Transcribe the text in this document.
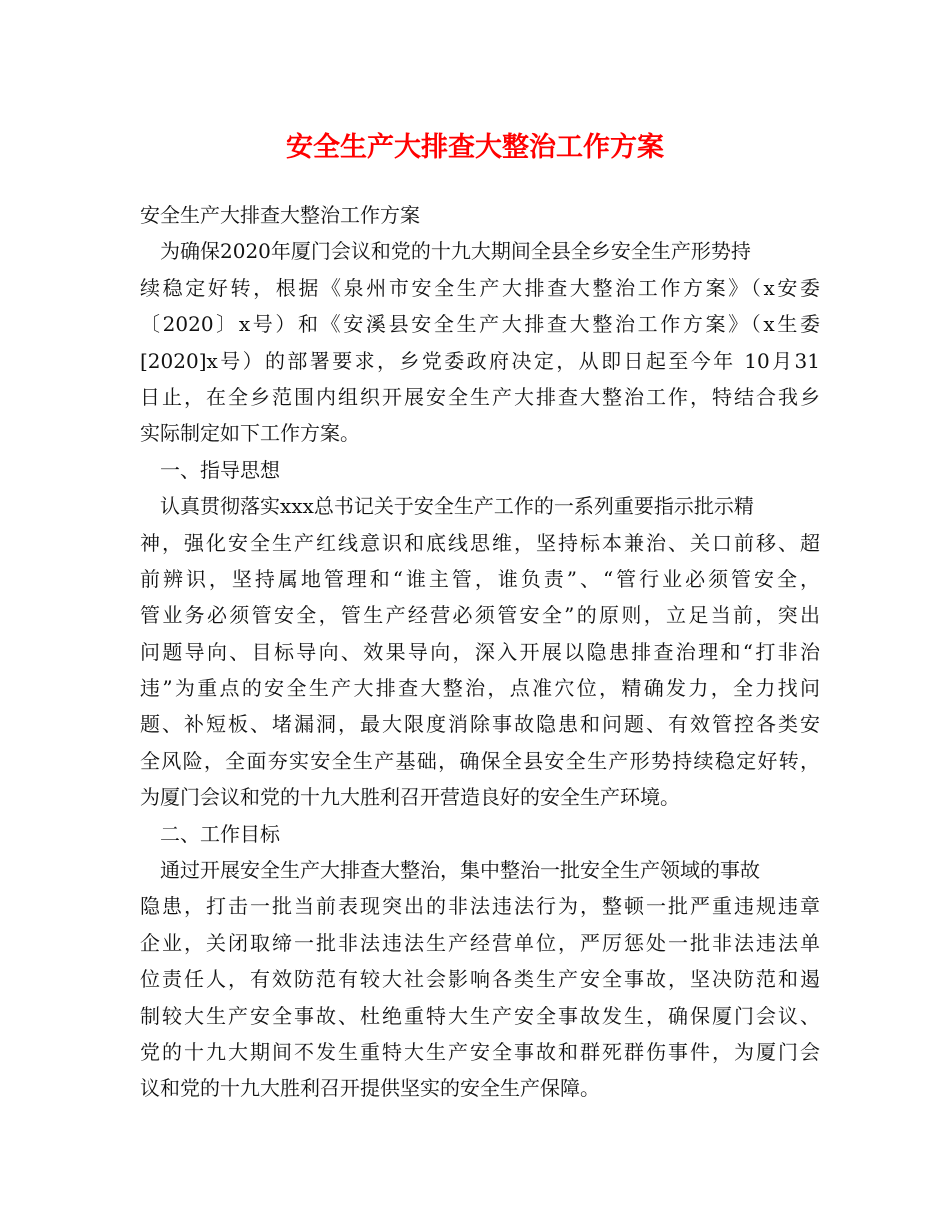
安全生产大排查大整治工作方案
安全生产大排查大整治工作方案
为确保2020年厦门会议和党的十九大期间全县全乡安全生产形势持
续稳定好转，根据《泉州市安全生产大排查大整治工作方案》（x安委
〔2020〕x号）和《安溪县安全生产大排查大整治工作方案》（x生委
[2020]x号）的部署要求，乡党委政府决定，从即日起至今年 10月31
日止，在全乡范围内组织开展安全生产大排查大整治工作，特结合我乡
实际制定如下工作方案。
一、指导思想
认真贯彻落实xxx总书记关于安全生产工作的一系列重要指示批示精
神，强化安全生产红线意识和底线思维，坚持标本兼治、关口前移、超
前辨识，坚持属地管理和“谁主管，谁负责”、“管行业必须管安全，
管业务必须管安全，管生产经营必须管安全”的原则，立足当前，突出
问题导向、目标导向、效果导向，深入开展以隐患排查治理和“打非治
违”为重点的安全生产大排查大整治，点准穴位，精确发力，全力找问
题、补短板、堵漏洞，最大限度消除事故隐患和问题、有效管控各类安
全风险，全面夯实安全生产基础，确保全县安全生产形势持续稳定好转，
为厦门会议和党的十九大胜利召开营造良好的安全生产环境。
二、工作目标
通过开展安全生产大排查大整治，集中整治一批安全生产领域的事故
隐患，打击一批当前表现突出的非法违法行为，整顿一批严重违规违章
企业，关闭取缔一批非法违法生产经营单位，严厉惩处一批非法违法单
位责任人，有效防范有较大社会影响各类生产安全事故，坚决防范和遏
制较大生产安全事故、杜绝重特大生产安全事故发生，确保厦门会议、
党的十九大期间不发生重特大生产安全事故和群死群伤事件，为厦门会
议和党的十九大胜利召开提供坚实的安全生产保障。
